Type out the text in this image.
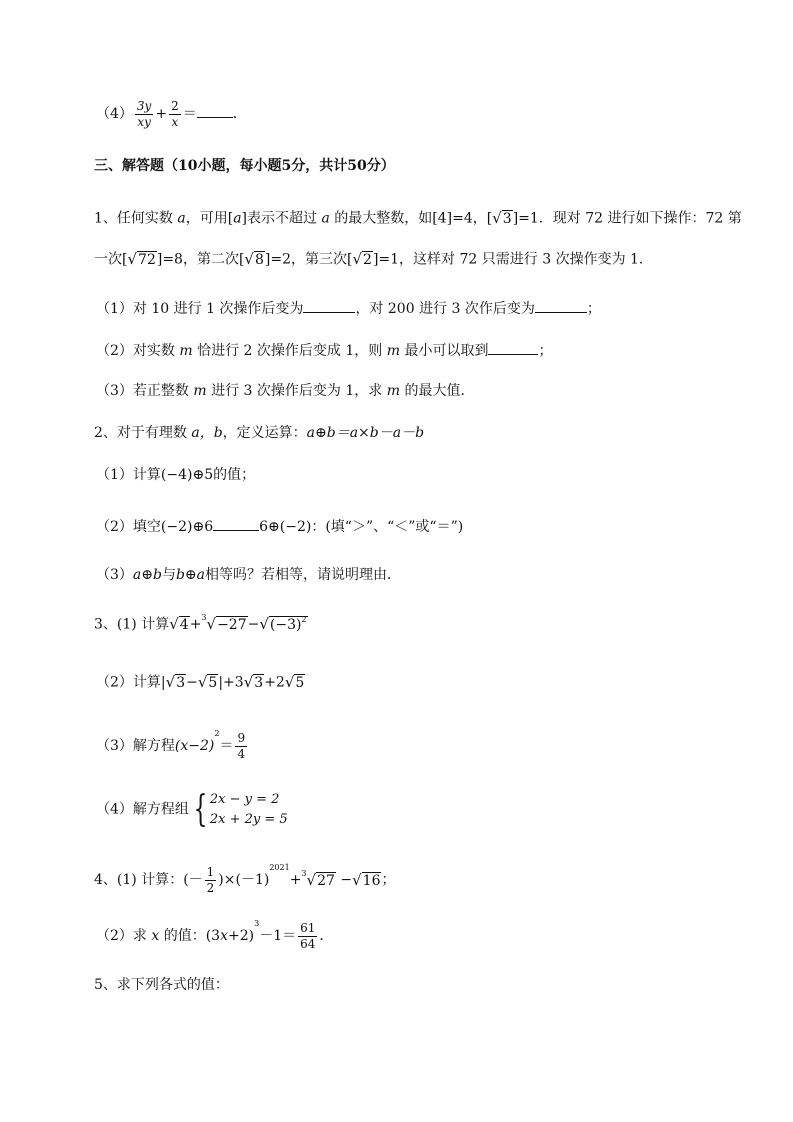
$(4) \frac{3y}{xy} + \frac{2}{x}$ ＝	．
三、解答题（10小题，每小题5分，共计50分）
1、任何实数 a，可用[a]表示不超过 a 的最大整数，如[4]=4，[√3]=1．现对 72 进行如下操作：72 第
一次[√72]=8，第二次[√8]=2，第三次[√2]=1，这样对 72 只需进行 3 次操作变为 1．
（1）对 10 进行 1 次操作后变为	，对 200 进行 3 次作后变为	；
（2）对实数 m 恰进行 2 次操作后变成 1，则 m 最小可以取到	；
（3）若正整数 m 进行 3 次操作后变为 1，求 m 的最大值．
2、对于有理数 a，b，定义运算：a⊕b＝a×b－a－b
（1）计算(−4)⊕5的值；
（2）填空(−2)⊕6	6⊕(−2)：(填“＞”、“＜”或“＝”)
（3）a⊕b与b⊕a相等吗？若相等，请说明理由．
3、(1) 计算$√4+^3√-27-√(-3)^2$
（2）计算|√3−√5|+3√3+2√5
（3）解方程$(x-2)^2= \frac{9}{4}$
（4）解方程组 { 2x − y = 2
2x + 2y = 5
4、(1) 计算：(－ $\frac{1}{2} )\times(-1)^{2021}+^3√27 -√16$；
（2）求 x 的值：$(3x+2)^3-1= \frac{61}{64}$ ．
5、求下列各式的值：
